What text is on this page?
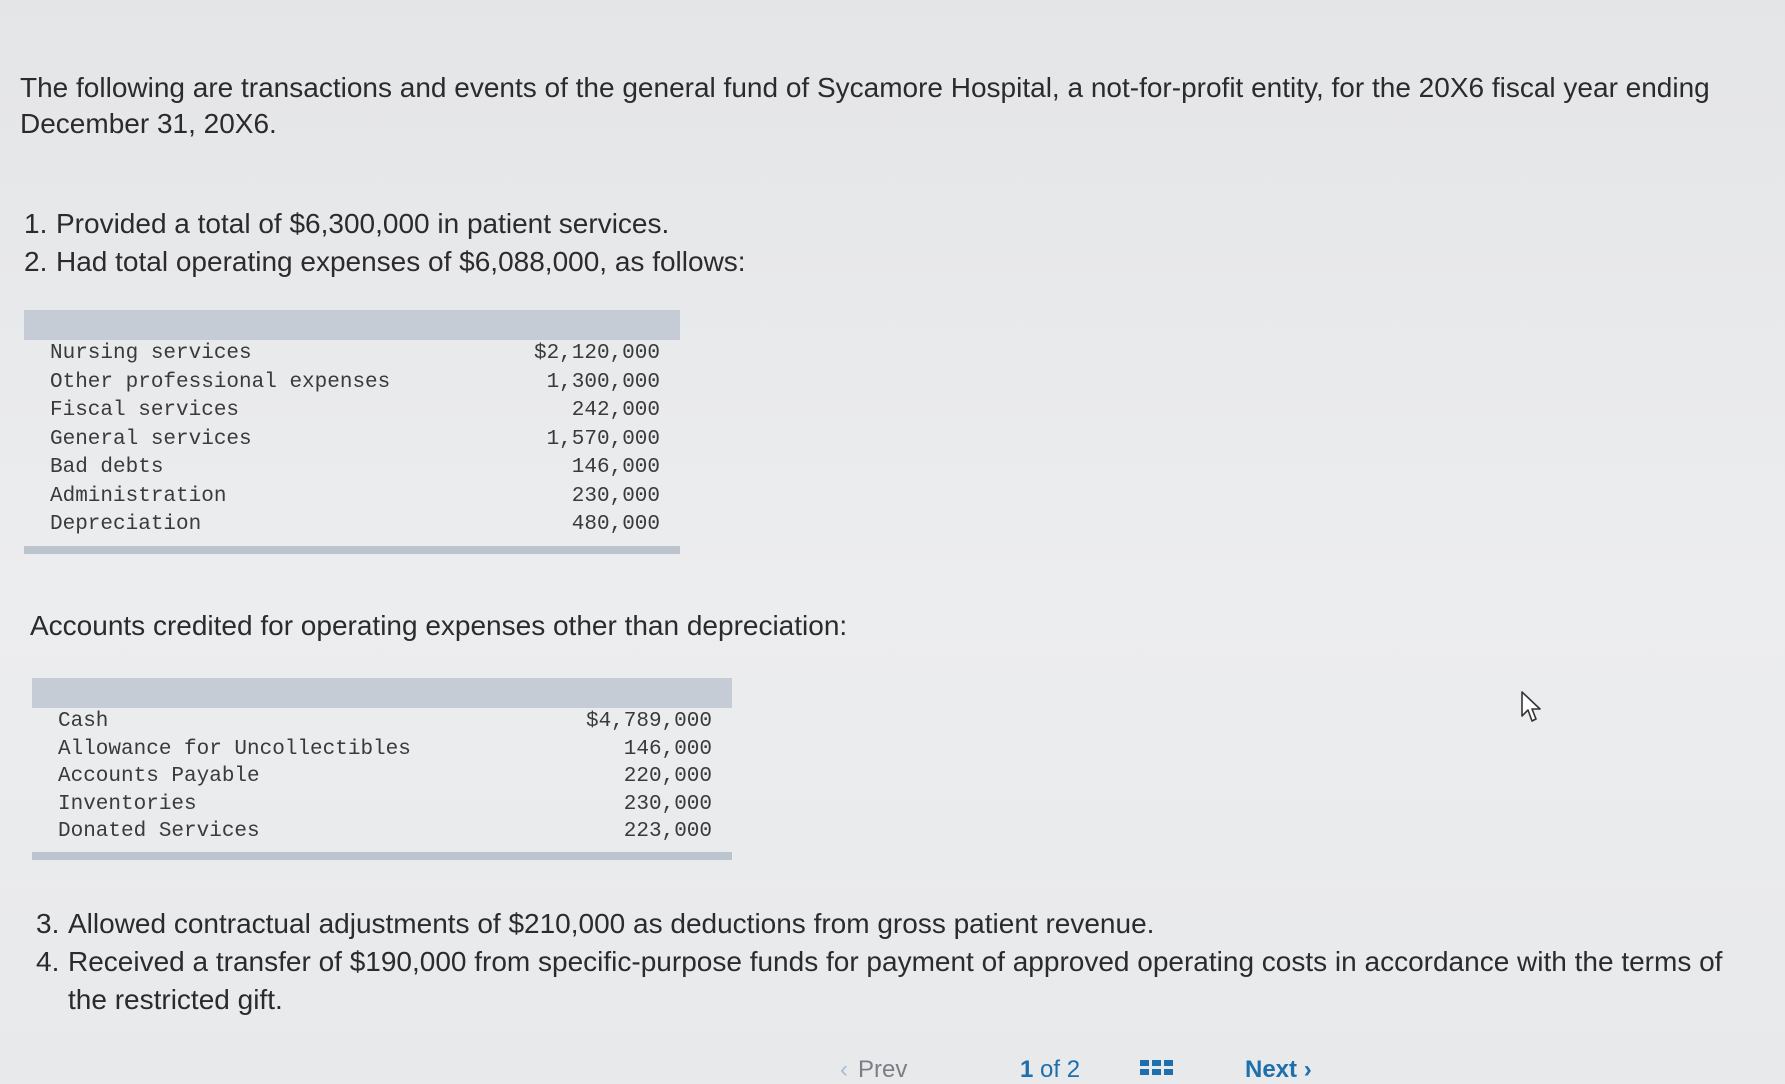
The following are transactions and events of the general fund of Sycamore Hospital, a not-for-profit entity, for the 20X6 fiscal year ending December 31, 20X6.
1. Provided a total of $6,300,000 in patient services.
2. Had total operating expenses of $6,088,000, as follows:
Nursing services	$2,120,000
Other professional expenses	1,300,000
Fiscal services	242,000
General services	1,570,000
Bad debts	146,000
Administration	230,000
Depreciation	480,000
Accounts credited for operating expenses other than depreciation:
Cash	$4,789,000
Allowance for Uncollectibles	146,000
Accounts Payable	220,000
Inventories	230,000
Donated Services	223,000
3. Allowed contractual adjustments of $210,000 as deductions from gross patient revenue.
4. Received a transfer of $190,000 from specific-purpose funds for payment of approved operating costs in accordance with the terms of the restricted gift.
‹ Prev	1 of 2	Next ›
